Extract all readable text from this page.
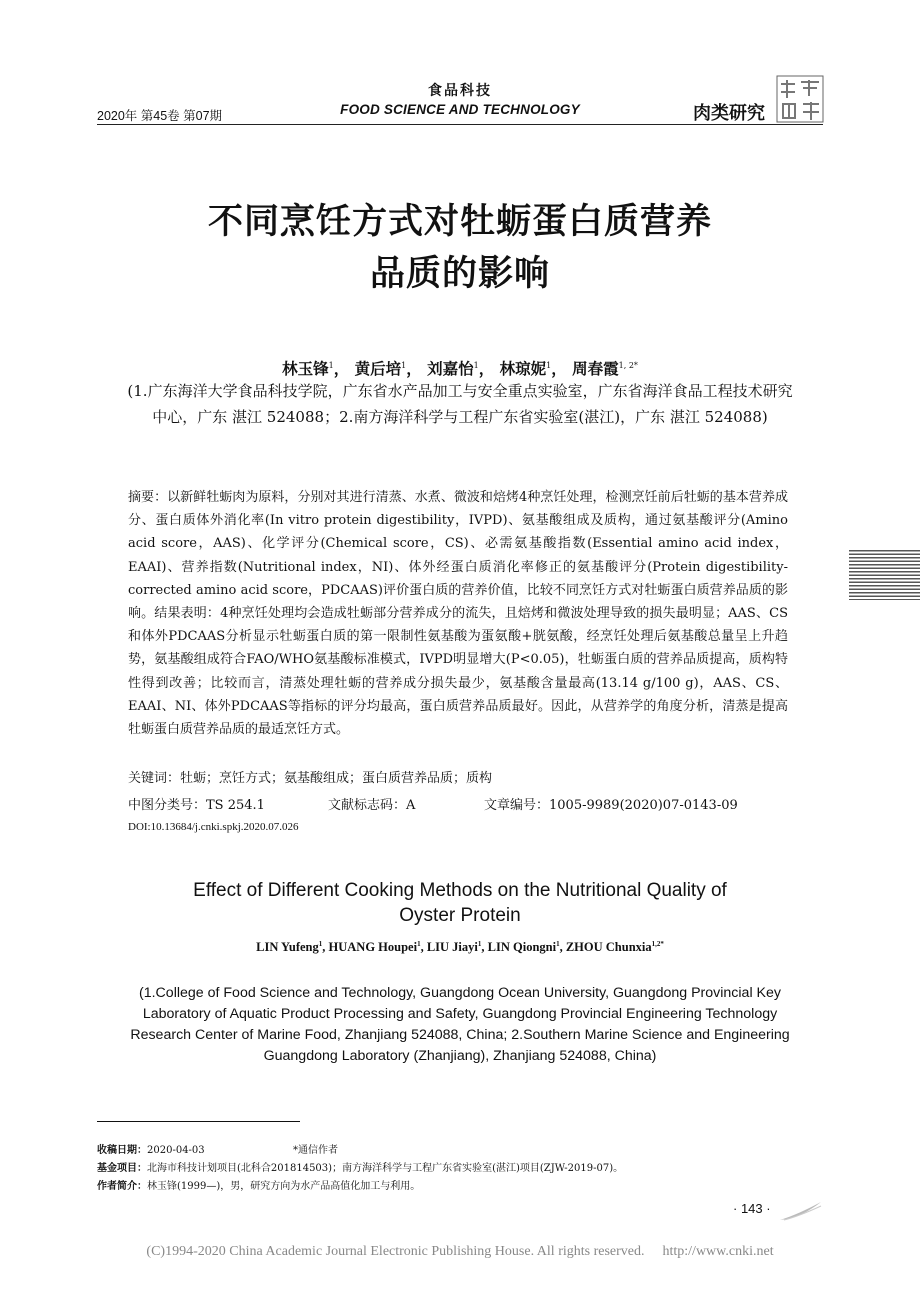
2020年 第45卷 第07期
食品科技
FOOD SCIENCE AND TECHNOLOGY	肉类研究
不同烹饪方式对牡蛎蛋白质营养
品质的影响
林玉锋$^1$， 黄后培$^1$， 刘嘉怡$^1$， 林琼妮$^1$， 周春霞$^{1, 2*}$
(1.广东海洋大学食品科技学院，广东省水产品加工与安全重点实验室，广东省海洋食品工程技术研究中心，广东 湛江 524088；2.南方海洋科学与工程广东省实验室(湛江)，广东 湛江 524088)
摘要：以新鲜牡蛎肉为原料，分别对其进行清蒸、水煮、微波和焙烤4种烹饪处理，检测烹饪前后牡蛎的基本营养成分、蛋白质体外消化率(In vitro protein digestibility，IVPD)、氨基酸组成及质构，通过氨基酸评分(Amino acid score，AAS)、化学评分(Chemical score，CS)、必需氨基酸指数(Essential amino acid index，EAAI)、营养指数(Nutritional index，NI)、体外经蛋白质消化率修正的氨基酸评分(Protein digestibility-corrected amino acid score，PDCAAS)评价蛋白质的营养价值，比较不同烹饪方式对牡蛎蛋白质营养品质的影响。结果表明：4种烹饪处理均会造成牡蛎部分营养成分的流失，且焙烤和微波处理导致的损失最明显；AAS、CS和体外PDCAAS分析显示牡蛎蛋白质的第一限制性氨基酸为蛋氨酸+胱氨酸，经烹饪处理后氨基酸总量呈上升趋势，氨基酸组成符合FAO/WHO氨基酸标准模式，IVPD明显增大(P<0.05)，牡蛎蛋白质的营养品质提高，质构特性得到改善；比较而言，清蒸处理牡蛎的营养成分损失最少，氨基酸含量最高(13.14 g/100 g)，AAS、CS、EAAI、NI、体外PDCAAS等指标的评分均最高，蛋白质营养品质最好。因此，从营养学的角度分析，清蒸是提高牡蛎蛋白质营养品质的最适烹饪方式。
关键词：牡蛎；烹饪方式；氨基酸组成；蛋白质营养品质；质构
中图分类号：TS 254.1	文献标志码：A	文章编号：1005-9989(2020)07-0143-09
DOI:10.13684/j.cnki.spkj.2020.07.026
Effect of Different Cooking Methods on the Nutritional Quality of
Oyster Protein
LIN Yufeng$^1$, HUANG Houpei$^1$, LIU Jiayi$^1$, LIN Qiongni$^1$, ZHOU Chunxia$^{1,2*}$
(1.College of Food Science and Technology, Guangdong Ocean University, Guangdong Provincial Key Laboratory of Aquatic Product Processing and Safety, Guangdong Provincial Engineering Technology Research Center of Marine Food, Zhanjiang 524088, China; 2.Southern Marine Science and Engineering Guangdong Laboratory (Zhanjiang), Zhanjiang 524088, China)
收稿日期：2020-04-03	*通信作者
基金项目：北海市科技计划项目(北科合201814503)；南方海洋科学与工程广东省实验室(湛江)项目(ZJW-2019-07)。
作者简介：林玉锋(1999—)，男，研究方向为水产品高值化加工与利用。
· 143 ·
(C)1994-2020 China Academic Journal Electronic Publishing House. All rights reserved. http://www.cnki.net
